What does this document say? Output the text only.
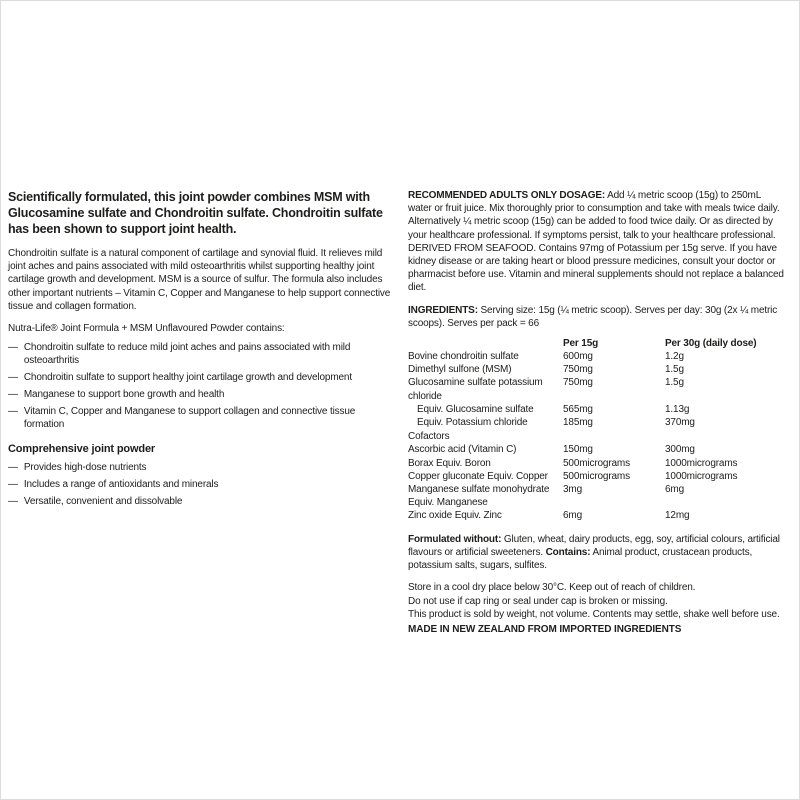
Scientifically formulated, this joint powder combines MSM with Glucosamine sulfate and Chondroitin sulfate. Chondroitin sulfate has been shown to support joint health.

Chondroitin sulfate is a natural component of cartilage and synovial fluid. It relieves mild joint aches and pains associated with mild osteoarthritis whilst supporting healthy joint cartilage growth and development. MSM is a source of sulfur. The formula also includes other important nutrients – Vitamin C, Copper and Manganese to help support connective tissue and collagen formation.

Nutra-Life® Joint Formula + MSM Unflavoured Powder contains:

— Chondroitin sulfate to reduce mild joint aches and pains associated with mild osteoarthritis
— Chondroitin sulfate to support healthy joint cartilage growth and development
— Manganese to support bone growth and health
— Vitamin C, Copper and Manganese to support collagen and connective tissue formation

Comprehensive joint powder

— Provides high-dose nutrients
— Includes a range of antioxidants and minerals
— Versatile, convenient and dissolvable

RECOMMENDED ADULTS ONLY DOSAGE: Add ¼ metric scoop (15g) to 250mL water or fruit juice. Mix thoroughly prior to consumption and take with meals twice daily. Alternatively ¼ metric scoop (15g) can be added to food twice daily. Or as directed by your healthcare professional. If symptoms persist, talk to your healthcare professional. DERIVED FROM SEAFOOD. Contains 97mg of Potassium per 15g serve. If you have kidney disease or are taking heart or blood pressure medicines, consult your doctor or pharmacist before use. Vitamin and mineral supplements should not replace a balanced diet.

INGREDIENTS: Serving size: 15g (¼ metric scoop). Serves per day: 30g (2x ¼ metric scoops). Serves per pack = 66

Per 15g	Per 30g (daily dose)
Bovine chondroitin sulfate	600mg	1.2g
Dimethyl sulfone (MSM)	750mg	1.5g
Glucosamine sulfate potassium chloride
750mg	1.5g
Equiv. Glucosamine sulfate	565mg	1.13g
Equiv. Potassium chloride	185mg	370mg
Cofactors
Ascorbic acid (Vitamin C)	150mg	300mg
Borax Equiv. Boron	500micrograms	1000micrograms
Copper gluconate Equiv. Copper	500micrograms	1000micrograms
Manganese sulfate monohydrate Equiv. Manganese
3mg	6mg
Zinc oxide Equiv. Zinc	6mg	12mg

Formulated without: Gluten, wheat, dairy products, egg, soy, artificial colours, artificial flavours or artificial sweeteners. Contains: Animal product, crustacean products, potassium salts, sugars, sulfites.

Store in a cool dry place below 30°C. Keep out of reach of children.

Do not use if cap ring or seal under cap is broken or missing.

This product is sold by weight, not volume. Contents may settle, shake well before use.

MADE IN NEW ZEALAND FROM IMPORTED INGREDIENTS
